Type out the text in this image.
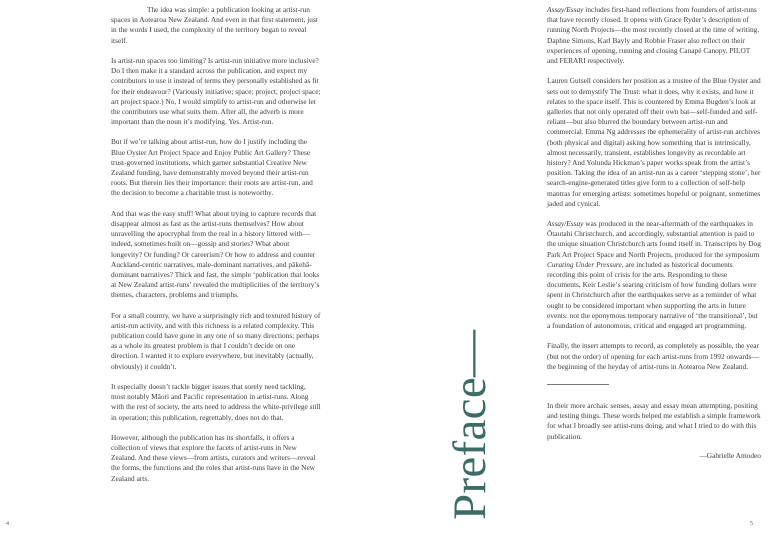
The idea was simple: a publication looking at artist-run spaces in Aotearoa New Zealand. And even in that first statement, just in the words I used, the complexity of the territory began to reveal itself.

Is artist-run spaces too limiting? Is artist-run initiative more inclusive? Do I then make it a standard across the publication, and expect my contributors to use it instead of terms they personally established as fit for their endeavour? (Variously initiative; space; project; project space; art project space.) No, I would simplify to artist-run and otherwise let the contributors use what suits them. After all, the adverb is more important than the noun it’s modifying. Yes. Artist-run.

But if we’re talking about artist-run, how do I justify including the Blue Oyster Art Project Space and Enjoy Public Art Gallery? These trust-governed institutions, which garner substantial Creative New Zealand funding, have demonstrably moved beyond their artist-run roots. But therein lies their importance: their roots are artist-run, and the decision to become a charitable trust is noteworthy.

And that was the easy stuff! What about trying to capture records that disappear almost as fast as the artist-runs themselves? How about unravelling the apocryphal from the real in a history littered with—indeed, sometimes built on—gossip and stories? What about longevity? Or funding? Or careerism? Or how to address and counter Auckland-centric narratives, male-dominant narratives, and pākehā-dominant narratives? Thick and fast, the simple ‘publication that looks at New Zealand artist-runs’ revealed the multiplicities of the territory’s themes, characters, problems and triumphs.

For a small country, we have a surprisingly rich and textured history of artist-run activity, and with this richness is a related complexity. This publication could have gone in any one of so many directions; perhaps as a whole its greatest problem is that I couldn’t decide on one direction. I wanted it to explore everywhere, but inevitably (actually, obviously) it couldn’t.

It especially doesn’t tackle bigger issues that sorely need tackling, most notably Māori and Pacific representation in artist-runs. Along with the rest of society, the arts need to address the white-privilege still in operation; this publication, regrettably, does not do that.

However, although the publication has its shortfalls, it offers a collection of views that explore the facets of artist-runs in New Zealand. And these views—from artists, curators and writers—reveal the forms, the functions and the roles that artist-runs have in the New Zealand arts.	Preface—

Assay/Essay includes first-hand reflections from founders of artist-runs that have recently closed. It opens with Grace Ryder’s description of running North Projects—the most recently closed at the time of writing. Daphne Simons, Karl Bayly and Robbie Fraser also reflect on their experiences of opening, running and closing Canapé Canopy, PILOT and FERARI respectively.

Lauren Gutsell considers her position as a trustee of the Blue Oyster and sets out to demystify The Trust: what it does, why it exists, and how it relates to the space itself. This is countered by Emma Bugden’s look at galleries that not only operated off their own bat—self-funded and self-reliant—but also blurred the boundary between artist-run and commercial. Emma Ng addresses the ephemerality of artist-run archives (both physical and digital) asking how something that is intrinsically, almost necessarily, transient, establishes longevity as recordable art history? And Yolunda Hickman’s paper works speak from the artist’s position. Taking the idea of an artist-run as a career ‘stepping stone’, her search-engine-generated titles give form to a collection of self-help mantras for emerging artists: sometimes hopeful or poignant, sometimes jaded and cynical.

Assay/Essay was produced in the near-aftermath of the earthquakes in Ōtautahi Christchurch, and accordingly, substantial attention is paid to the unique situation Christchurch arts found itself in. Transcripts by Dog Park Art Project Space and North Projects, produced for the symposium Curating Under Pressure, are included as historical documents recording this point of crisis for the arts. Responding to these documents, Keir Leslie’s searing criticism of how funding dollars were spent in Christchurch after the earthquakes serve as a reminder of what ought to be considered important when supporting the arts in future events: not the eponymous temporary narrative of ‘the transitional’, but a foundation of autonomous, critical and engaged art programming.

Finally, the insert attempts to record, as completely as possible, the year (but not the order) of opening for each artist-runs from 1992 onwards—the beginning of the heyday of artist-runs in Aotearoa New Zealand.

In their more archaic senses, assay and essay mean attempting, positing and testing things. These words helped me establish a simple framework for what I broadly see artist-runs doing, and what I tried to do with this publication.

—Gabrielle Amodeo

4	5
